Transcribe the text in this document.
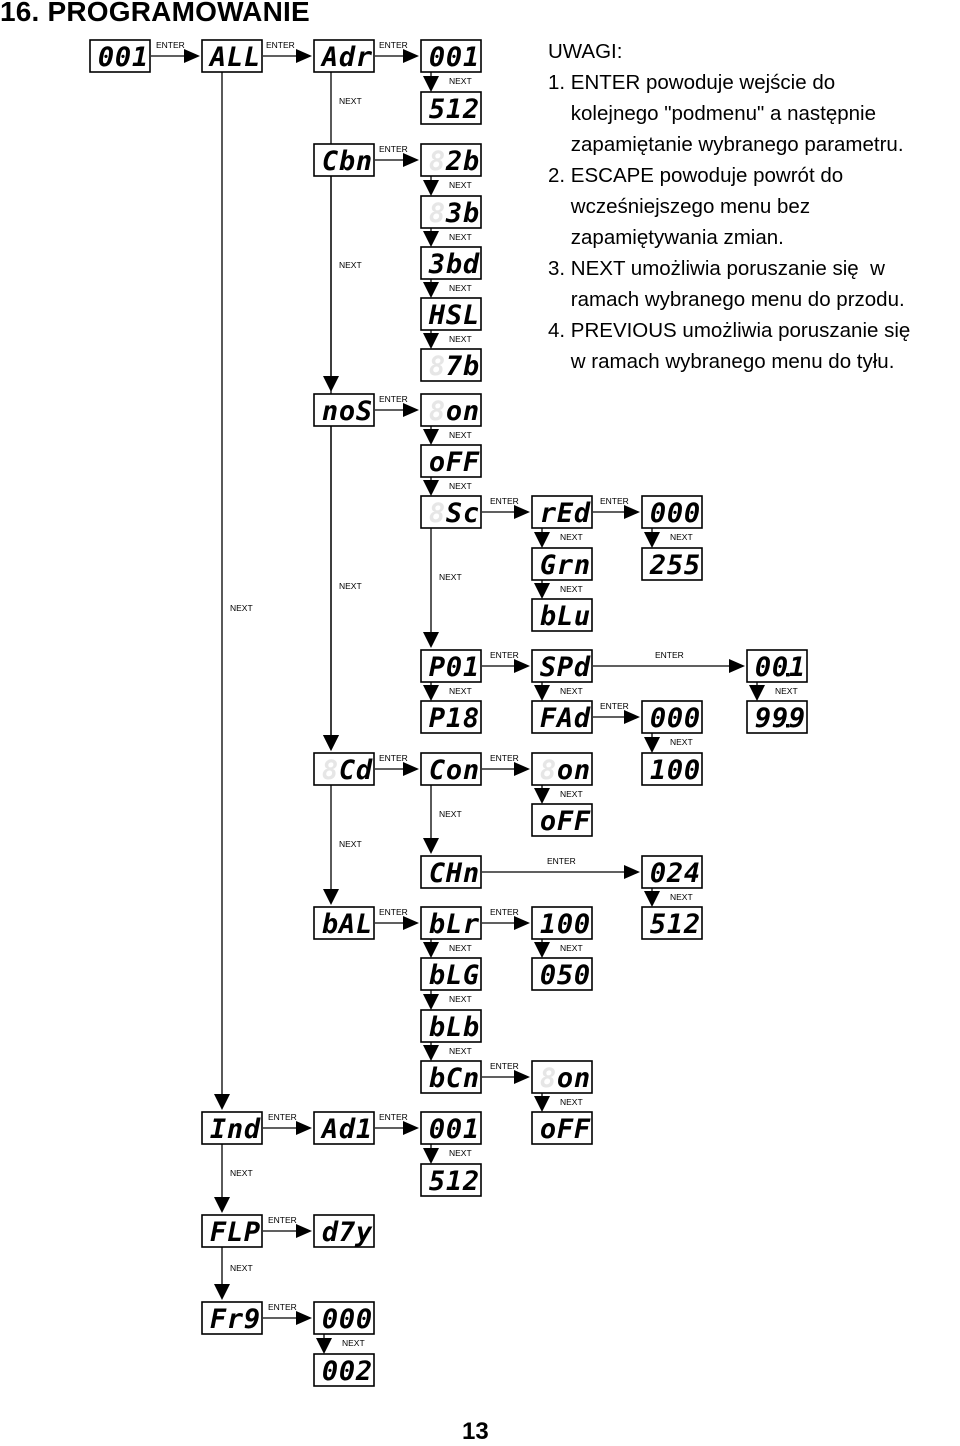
16. PROGRAMOWANIE
UWAGI:
1. ENTER powoduje wejście do
kolejnego "podmenu" a następnie
zapamiętanie wybranego parametru.
2. ESCAPE powoduje powrót do
wcześniejszego menu bez
zapamiętywania zmian.
3. NEXT umożliwia poruszanie się  w
ramach wybranego menu do przodu.
4. PREVIOUS umożliwia poruszanie się
w ramach wybranego menu do tyłu.
ENTER	ENTER	ENTER
ENTER
ENTER
ENTER	ENTER
ENTER	ENTER
ENTER
ENTER	ENTER
ENTER
ENTER	ENTER
ENTER
ENTER	ENTER
ENTER
ENTER
NEXT
NEXT
NEXT
NEXT
NEXT
NEXT
NEXT
NEXT
NEXT
NEXT
NEXT	NEXT	NEXT
NEXT
NEXT
NEXT
NEXT
NEXT
NEXT
NEXT
NEXT
NEXT
NEXT
NEXT
NEXT
NEXT
NEXT
NEXT
NEXT
NEXT
NEXT
NEXT
0 0 1 A L L A d r 0 0 1
5 1 2
C b n 8 2 b
8 3 b
3 b d
H S L
8 7 b
n o S 8 o n
o F F
8 S c r E d
G r n
b L u
0 0 0
2 5 5
P 0 1
P 1 8
S P d
F A d
0 0 1
9 9 9
0 0 0
1 0 0
8 C d C o n 8 o n
o F F
C H n	0 2 4
5 1 2
b A L b L r
b L G
b L b
b C n
1 0 0
0 5 0
8 o n
o F F
I n d A d 1 0 0 1
5 1 2
F L P d 7 y
F r 9 0 0 0
0 0 2
13
